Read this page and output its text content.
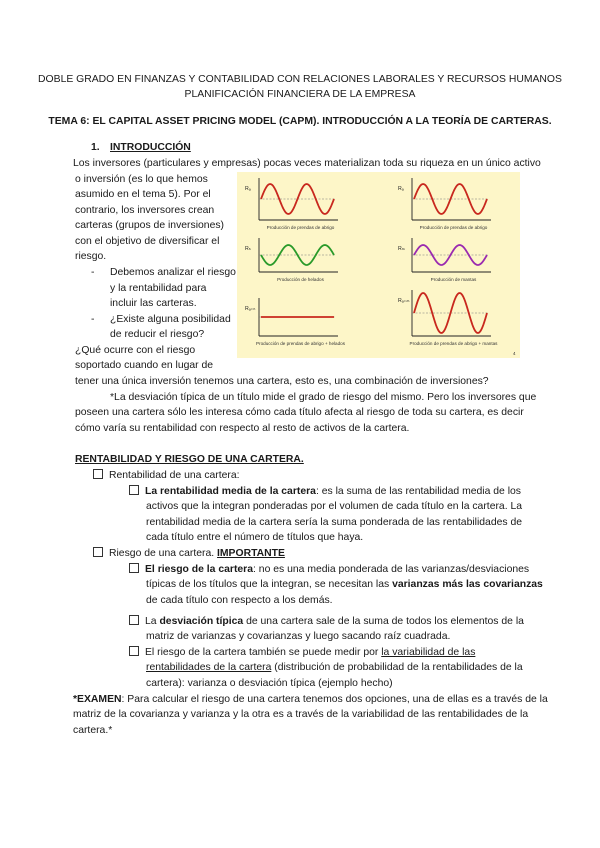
DOBLE GRADO EN FINANZAS Y CONTABILIDAD CON RELACIONES LABORALES Y RECURSOS HUMANOS
PLANIFICACIÓN FINANCIERA DE LA EMPRESA
TEMA 6: EL CAPITAL ASSET PRICING MODEL (CAPM). INTRODUCCIÓN A LA TEORÍA DE CARTERAS.
1. INTRODUCCIÓN
Los inversores (particulares y empresas) pocas veces materializan toda su riqueza en un único activo
o inversión (es lo que hemos
asumido en el tema 5). Por el
contrario, los inversores crean
carteras (grupos de inversiones)
con el objetivo de diversificar el
riesgo.
- Debemos analizar el riesgo
y la rentabilidad para
incluir las carteras.
- ¿Existe alguna posibilidad
de reducir el riesgo?
¿Qué ocurre con el riesgo
soportado cuando en lugar de
tener una única inversión tenemos una cartera, esto es, una combinación de inversiones?
Rₐ
Producción de prendas de abrigo
Rₐ
Producción de prendas de abrigo
Rₕ
Producción de helados
Rₘ
Producción de mantas
Rₐ₊ₕ
Producción de prendas de abrigo + helados
Rₐ₊ₘ
Producción de prendas de abrigo + mantas
4
*La desviación típica de un título mide el grado de riesgo del mismo. Pero los inversores que
poseen una cartera sólo les interesa cómo cada título afecta al riesgo de toda su cartera, es decir
cómo varía su rentabilidad con respecto al resto de activos de la cartera.
RENTABILIDAD Y RIESGO DE UNA CARTERA.
Rentabilidad de una cartera:
La rentabilidad media de la cartera: es la suma de las rentabilidad media de los
activos que la integran ponderadas por el volumen de cada título en la cartera. La
rentabilidad media de la cartera sería la suma ponderada de las rentabilidades de
cada título entre el número de títulos que haya.
Riesgo de una cartera. IMPORTANTE
El riesgo de la cartera: no es una media ponderada de las varianzas/desviaciones
típicas de los títulos que la integran, se necesitan las varianzas más las covarianzas
de cada título con respecto a los demás.
La desviación típica de una cartera sale de la suma de todos los elementos de la
matriz de varianzas y covarianzas y luego sacando raíz cuadrada.
El riesgo de la cartera también se puede medir por la variabilidad de las
rentabilidades de la cartera (distribución de probabilidad de la rentabilidades de la
cartera): varianza o desviación típica (ejemplo hecho)
*EXAMEN: Para calcular el riesgo de una cartera tenemos dos opciones, una de ellas es a través de la
matriz de la covarianza y varianza y la otra es a través de la variabilidad de las rentabilidades de la
cartera.*
